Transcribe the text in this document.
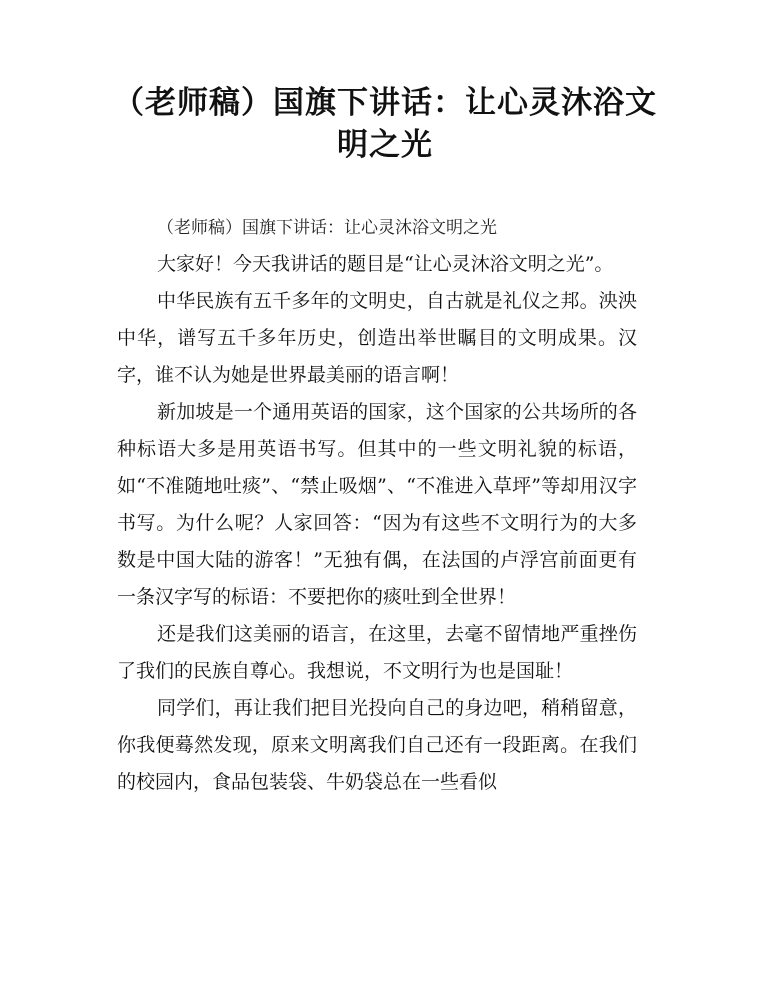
（老师稿）国旗下讲话：让心灵沐浴文明之光

（老师稿）国旗下讲话：让心灵沐浴文明之光

大家好！今天我讲话的题目是“让心灵沐浴文明之光”。

中华民族有五千多年的文明史，自古就是礼仪之邦。泱泱中华，谱写五千多年历史，创造出举世瞩目的文明成果。汉字，谁不认为她是世界最美丽的语言啊！

新加坡是一个通用英语的国家，这个国家的公共场所的各种标语大多是用英语书写。但其中的一些文明礼貌的标语，如“不准随地吐痰”、“禁止吸烟”、“不准进入草坪”等却用汉字书写。为什么呢？人家回答：“因为有这些不文明行为的大多数是中国大陆的游客！”无独有偶，在法国的卢浮宫前面更有一条汉字写的标语：不要把你的痰吐到全世界！

还是我们这美丽的语言，在这里，去毫不留情地严重挫伤了我们的民族自尊心。我想说，不文明行为也是国耻！

同学们，再让我们把目光投向自己的身边吧，稍稍留意，你我便蓦然发现，原来文明离我们自己还有一段距离。在我们的校园内，食品包装袋、牛奶袋总在一些看似
